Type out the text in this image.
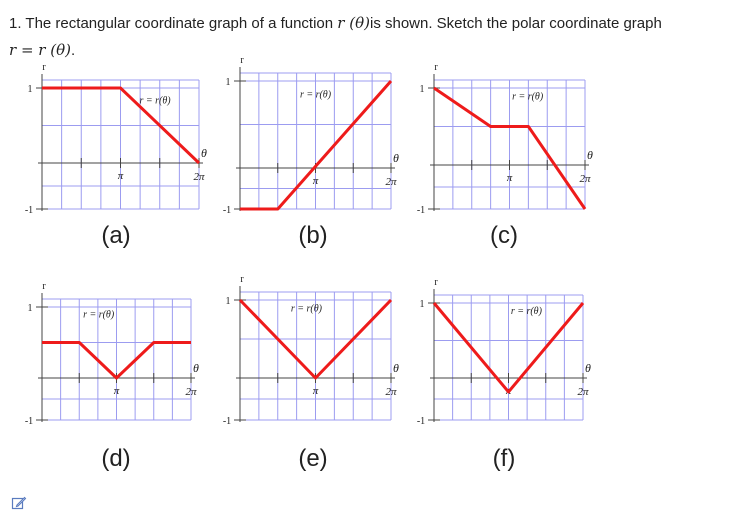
1. The rectangular coordinate graph of a function r (θ)is shown. Sketch the polar coordinate graph
r = r (θ).
r
1
-1
π	2π
θ
r = r(θ)
(a)
r
1
-1
π	2π
θ
r = r(θ)
(b)
r
1
-1
π	2π
θ
r = r(θ)
(c)
r
1
-1
π	2π
θ
r = r(θ)
(d)
r
1
-1
π	2π
θ
r = r(θ)
(e)
r
1
-1
π	2π
θ
r = r(θ)
(f)
